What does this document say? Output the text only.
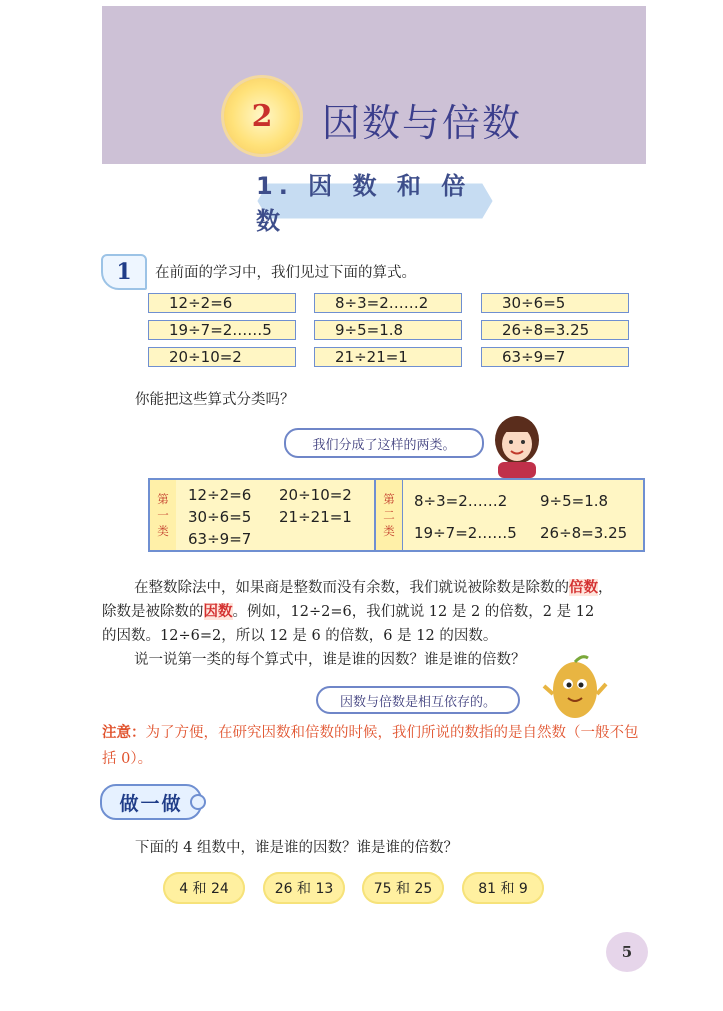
2 因数与倍数
1. 因 数 和 倍 数
1 在前面的学习中，我们见过下面的算式。
12÷2=6	8÷3=2……2	30÷6=5
19÷7=2……5	9÷5=1.8	26÷8=3.25
20÷10=2	21÷21=1	63÷9=7
你能把这些算式分类吗？
我们分成了这样的两类。
第
一
类
12÷2=6 20÷10=2
30÷6=5 21÷21=1
63÷9=7
第
二
类
8÷3=2……2 9÷5=1.8
19÷7=2……5 26÷8=3.25
在整数除法中，如果商是整数而没有余数，我们就说被除数是除数的倍数，
除数是被除数的因数。例如，12÷2=6，我们就说 12 是 2 的倍数，2 是 12
的因数。12÷6=2，所以 12 是 6 的倍数，6 是 12 的因数。
说一说第一类的每个算式中，谁是谁的因数？谁是谁的倍数？
因数与倍数是相互依存的。
注意：为了方便，在研究因数和倍数的时候，我们所说的数指的是自然数（一般不包括 0）。
做一做
下面的 4 组数中，谁是谁的因数？谁是谁的倍数？
4 和 24	26 和 13	75 和 25	81 和 9
5
